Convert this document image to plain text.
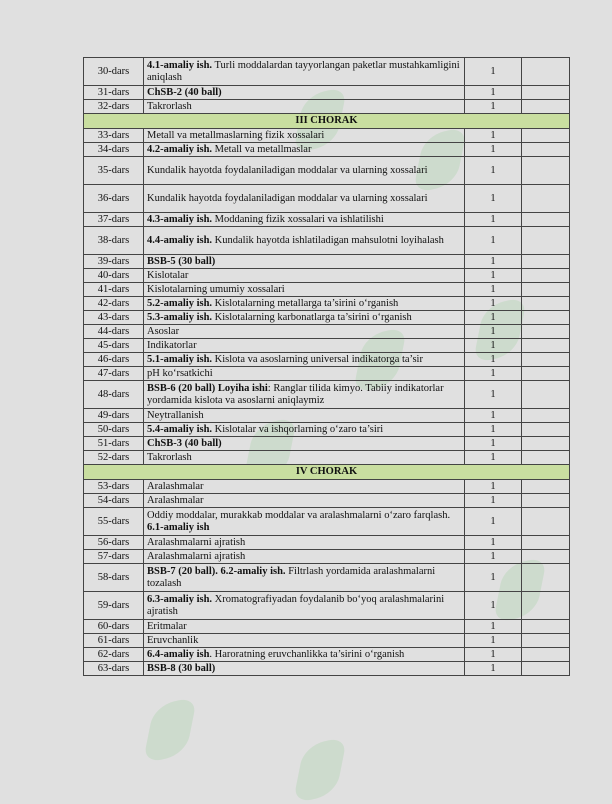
30-dars	4.1-amaliy ish. Turli moddalardan tayyorlangan paketlar mustahkamligini aniqlash	1	
31-dars	ChSB-2 (40 ball)	1	
32-dars	Takrorlash	1	
III CHORAK			
33-dars	Metall va metallmaslarning fizik xossalari	1	
34-dars	4.2-amaliy ish. Metall va metallmaslar	1	
35-dars	Kundalik hayotda foydalaniladigan moddalar va ularning xossalari	1	
36-dars	Kundalik hayotda foydalaniladigan moddalar va ularning xossalari	1	
37-dars	4.3-amaliy ish. Moddaning fizik xossalari va ishlatilishi	1	
38-dars	4.4-amaliy ish. Kundalik hayotda ishlatiladigan mahsulotni loyihalash	1	
39-dars	BSB-5 (30 ball)	1	
40-dars	Kislotalar	1	
41-dars	Kislotalarning umumiy xossalari	1	
42-dars	5.2-amaliy ish. Kislotalarning metallarga ta’sirini o‘rganish	1	
43-dars	5.3-amaliy ish. Kislotalarning karbonatlarga ta’sirini o‘rganish	1	
44-dars	Asoslar	1	
45-dars	Indikatorlar	1	
46-dars	5.1-amaliy ish. Kislota va asoslarning universal indikatorga ta’sir	1	
47-dars	pH ko‘rsatkichi	1	
48-dars	BSB-6 (20 ball) Loyiha ishi: Ranglar tilida kimyo. Tabiiy indikatorlar yordamida kislota va asoslarni aniqlaymiz	1	
49-dars	Neytrallanish	1	
50-dars	5.4-amaliy ish. Kislotalar va ishqorlarning o‘zaro ta’siri	1	
51-dars	ChSB-3 (40 ball)	1	
52-dars	Takrorlash	1	
IV CHORAK			
53-dars	Aralashmalar	1	
54-dars	Aralashmalar	1	
55-dars	Oddiy moddalar, murakkab moddalar va aralashmalarni o‘zaro farqlash. 6.1-amaliy ish	1	
56-dars	Aralashmalarni ajratish	1	
57-dars	Aralashmalarni ajratish	1	
58-dars	BSB-7 (20 ball). 6.2-amaliy ish. Filtrlash yordamida aralashmalarni tozalash	1	
59-dars	6.3-amaliy ish. Xromatografiyadan foydalanib bo‘yoq aralashmalarini ajratish	1	
60-dars	Eritmalar	1	
61-dars	Eruvchanlik	1	
62-dars	6.4-amaliy ish. Haroratning eruvchanlikka ta’sirini o‘rganish	1	
63-dars	BSB-8 (30 ball)	1	
